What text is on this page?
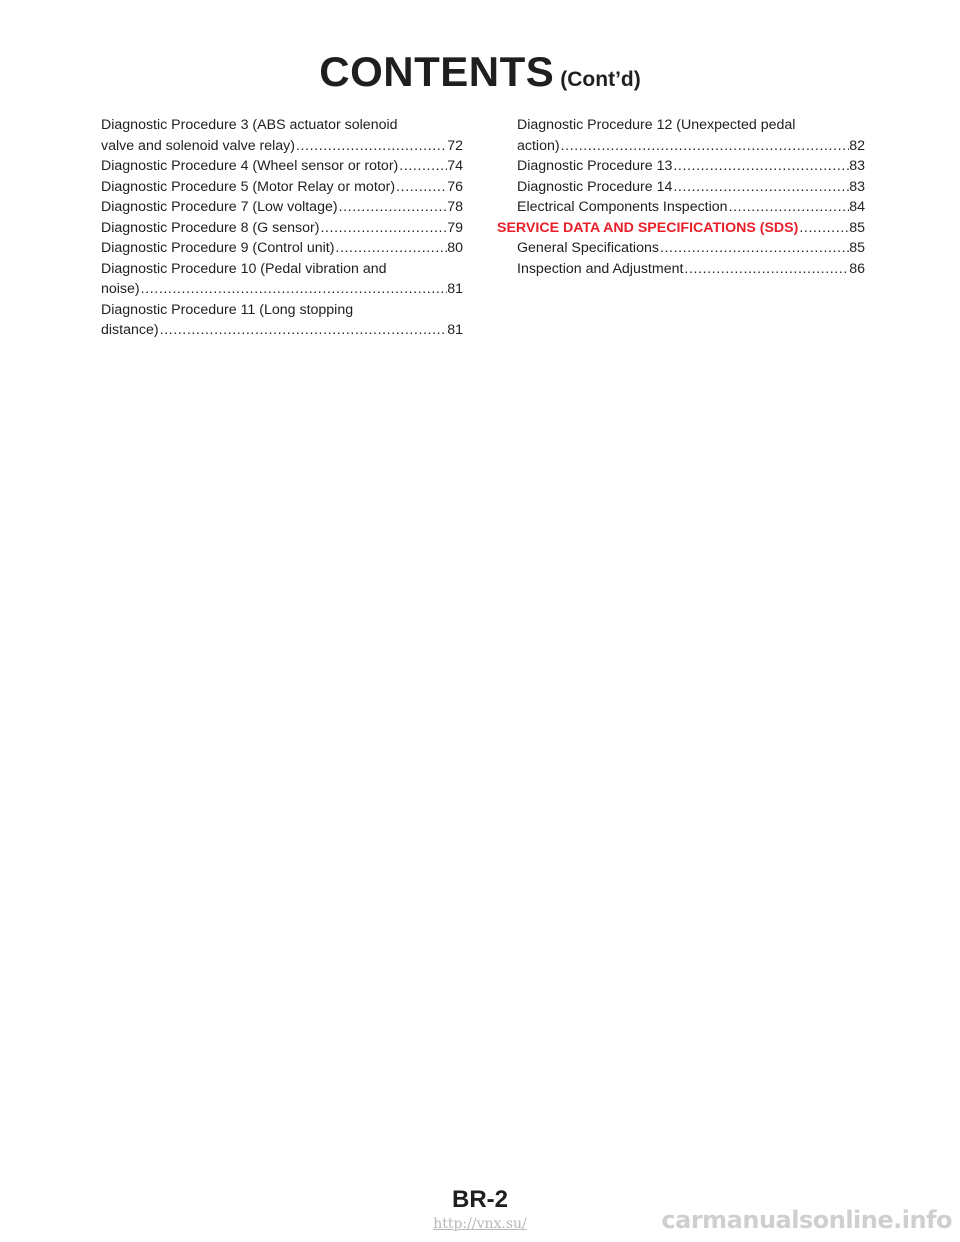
CONTENTS (Cont’d)
Diagnostic Procedure 3 (ABS actuator solenoid
valve and solenoid valve relay) .....	72
Diagnostic Procedure 4 (Wheel sensor or rotor) .....	74
Diagnostic Procedure 5 (Motor Relay or motor) .....	76
Diagnostic Procedure 7 (Low voltage) .....	78
Diagnostic Procedure 8 (G sensor) .....	79
Diagnostic Procedure 9 (Control unit) .....	80
Diagnostic Procedure 10 (Pedal vibration and
noise) .....	81
Diagnostic Procedure 11 (Long stopping
distance) .....	81
Diagnostic Procedure 12 (Unexpected pedal
action) .....	82
Diagnostic Procedure 13 .....	83
Diagnostic Procedure 14 .....	83
Electrical Components Inspection .....	84
SERVICE DATA AND SPECIFICATIONS (SDS) .....	85
General Specifications .....	85
Inspection and Adjustment .....	86
BR-2
http://vnx.su/	carmanualsonline.info
